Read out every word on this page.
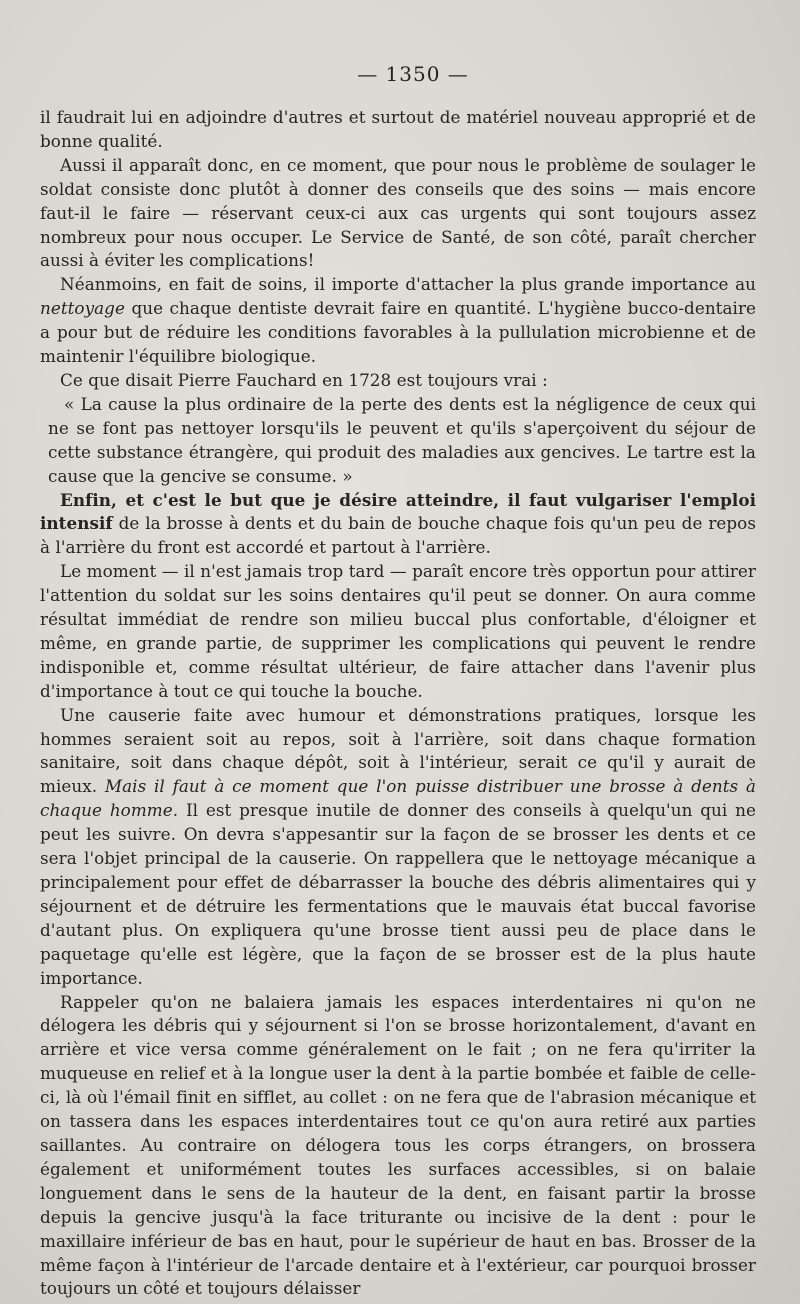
— 1350 —

il faudrait lui en adjoindre d'autres et surtout de matériel nouveau approprié et de bonne qualité.

Aussi il apparaît donc, en ce moment, que pour nous le problème de soulager le soldat consiste donc plutôt à donner des conseils que des soins — mais encore faut-il le faire — réservant ceux-ci aux cas urgents qui sont toujours assez nombreux pour nous occuper. Le Service de Santé, de son côté, paraît chercher aussi à éviter les complications!

Néanmoins, en fait de soins, il importe d'attacher la plus grande importance au nettoyage que chaque dentiste devrait faire en quantité. L'hygiène bucco-dentaire a pour but de réduire les conditions favorables à la pullulation microbienne et de maintenir l'équilibre biologique.

Ce que disait Pierre Fauchard en 1728 est toujours vrai :

« La cause la plus ordinaire de la perte des dents est la négligence de ceux qui ne se font pas nettoyer lorsqu'ils le peuvent et qu'ils s'aperçoivent du séjour de cette substance étrangère, qui produit des maladies aux gencives. Le tartre est la cause que la gencive se consume. »

Enfin, et c'est le but que je désire atteindre, il faut vulgariser l'emploi intensif de la brosse à dents et du bain de bouche chaque fois qu'un peu de repos à l'arrière du front est accordé et partout à l'arrière.

Le moment — il n'est jamais trop tard — paraît encore très opportun pour attirer l'attention du soldat sur les soins dentaires qu'il peut se donner. On aura comme résultat immédiat de rendre son milieu buccal plus confortable, d'éloigner et même, en grande partie, de supprimer les complications qui peuvent le rendre indisponible et, comme résultat ultérieur, de faire attacher dans l'avenir plus d'importance à tout ce qui touche la bouche.

Une causerie faite avec humour et démonstrations pratiques, lorsque les hommes seraient soit au repos, soit à l'arrière, soit dans chaque formation sanitaire, soit dans chaque dépôt, soit à l'intérieur, serait ce qu'il y aurait de mieux. Mais il faut à ce moment que l'on puisse distribuer une brosse à dents à chaque homme. Il est presque inutile de donner des conseils à quelqu'un qui ne peut les suivre. On devra s'appesantir sur la façon de se brosser les dents et ce sera l'objet principal de la causerie. On rappellera que le nettoyage mécanique a principalement pour effet de débarrasser la bouche des débris alimentaires qui y séjournent et de détruire les fermentations que le mauvais état buccal favorise d'autant plus. On expliquera qu'une brosse tient aussi peu de place dans le paquetage qu'elle est légère, que la façon de se brosser est de la plus haute importance.

Rappeler qu'on ne balaiera jamais les espaces interdentaires ni qu'on ne délogera les débris qui y séjournent si l'on se brosse horizontalement, d'avant en arrière et vice versa comme généralement on le fait ; on ne fera qu'irriter la muqueuse en relief et à la longue user la dent à la partie bombée et faible de celle-ci, là où l'émail finit en sifflet, au collet : on ne fera que de l'abrasion mécanique et on tassera dans les espaces interdentaires tout ce qu'on aura retiré aux parties saillantes. Au contraire on délogera tous les corps étrangers, on brossera également et uniformément toutes les surfaces accessibles, si on balaie longuement dans le sens de la hauteur de la dent, en faisant partir la brosse depuis la gencive jusqu'à la face triturante ou incisive de la dent : pour le maxillaire inférieur de bas en haut, pour le supérieur de haut en bas. Brosser de la même façon à l'intérieur de l'arcade dentaire et à l'extérieur, car pourquoi brosser toujours un côté et toujours délaisser
